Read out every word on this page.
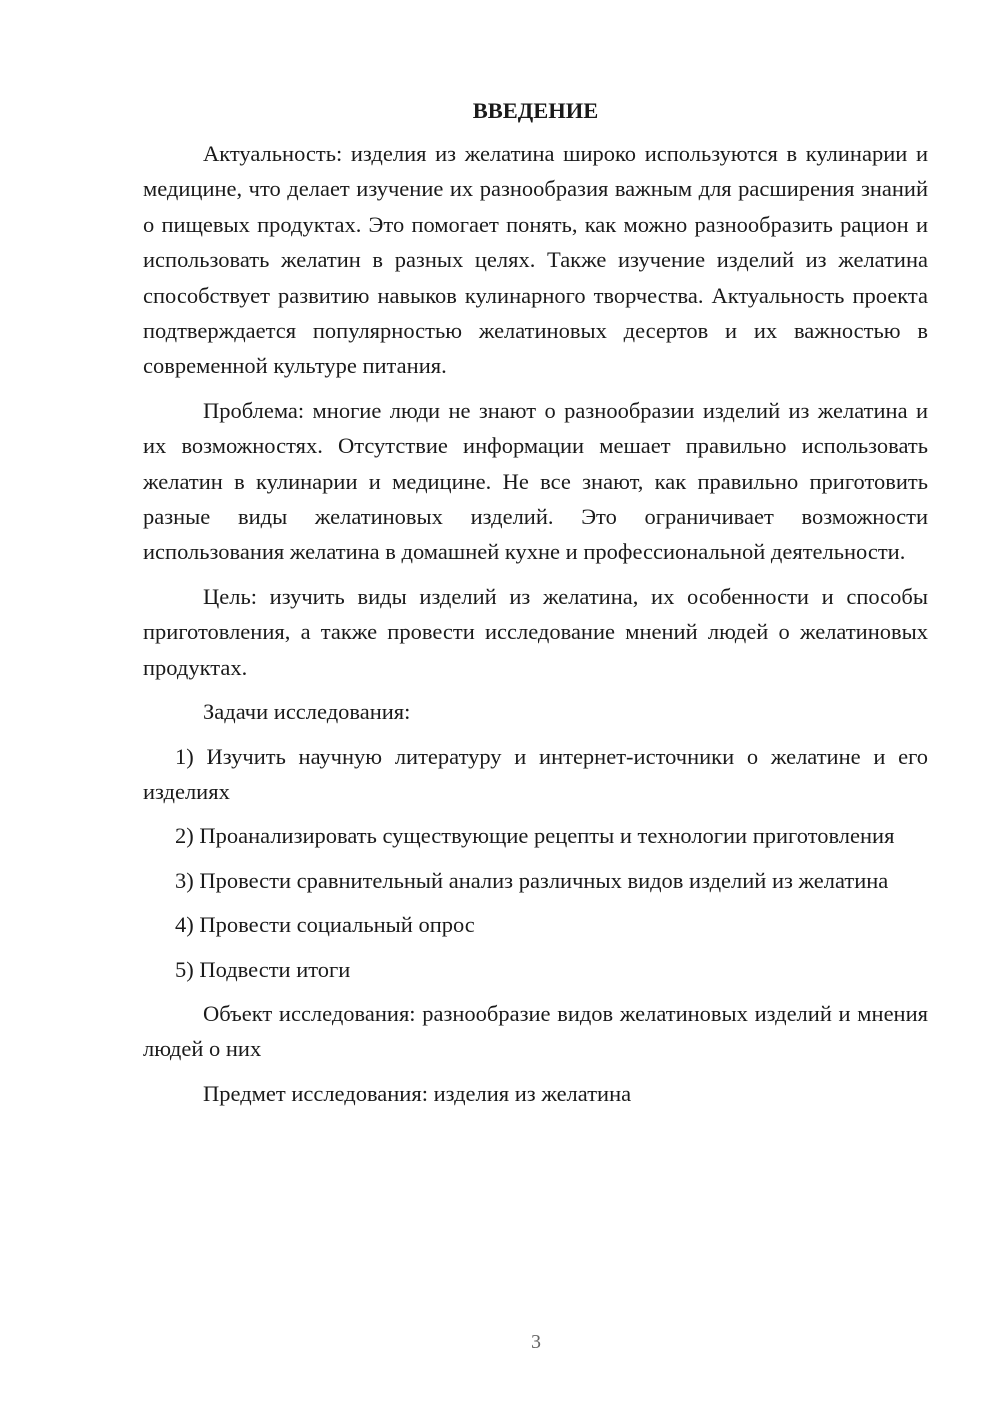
ВВЕДЕНИЕ

Актуальность: изделия из желатина широко используются в кулинарии и медицине, что делает изучение их разнообразия важным для расширения знаний о пищевых продуктах. Это помогает понять, как можно разнообразить рацион и использовать желатин в разных целях. Также изучение изделий из желатина способствует развитию навыков кулинарного творчества. Актуальность проекта подтверждается популярностью желатиновых десертов и их важностью в современной культуре питания.

Проблема: многие люди не знают о разнообразии изделий из желатина и их возможностях. Отсутствие информации мешает правильно использовать желатин в кулинарии и медицине. Не все знают, как правильно приготовить разные виды желатиновых изделий. Это ограничивает возможности использования желатина в домашней кухне и профессиональной деятельности.

Цель: изучить виды изделий из желатина, их особенности и способы приготовления, а также провести исследование мнений людей о желатиновых продуктах.

Задачи исследования:

1) Изучить научную литературу и интернет-источники о желатине и его изделиях

2) Проанализировать существующие рецепты и технологии приготовления

3) Провести сравнительный анализ различных видов изделий из желатина

4) Провести социальный опрос

5) Подвести итоги

Объект исследования: разнообразие видов желатиновых изделий и мнения людей о них

Предмет исследования: изделия из желатина

3
